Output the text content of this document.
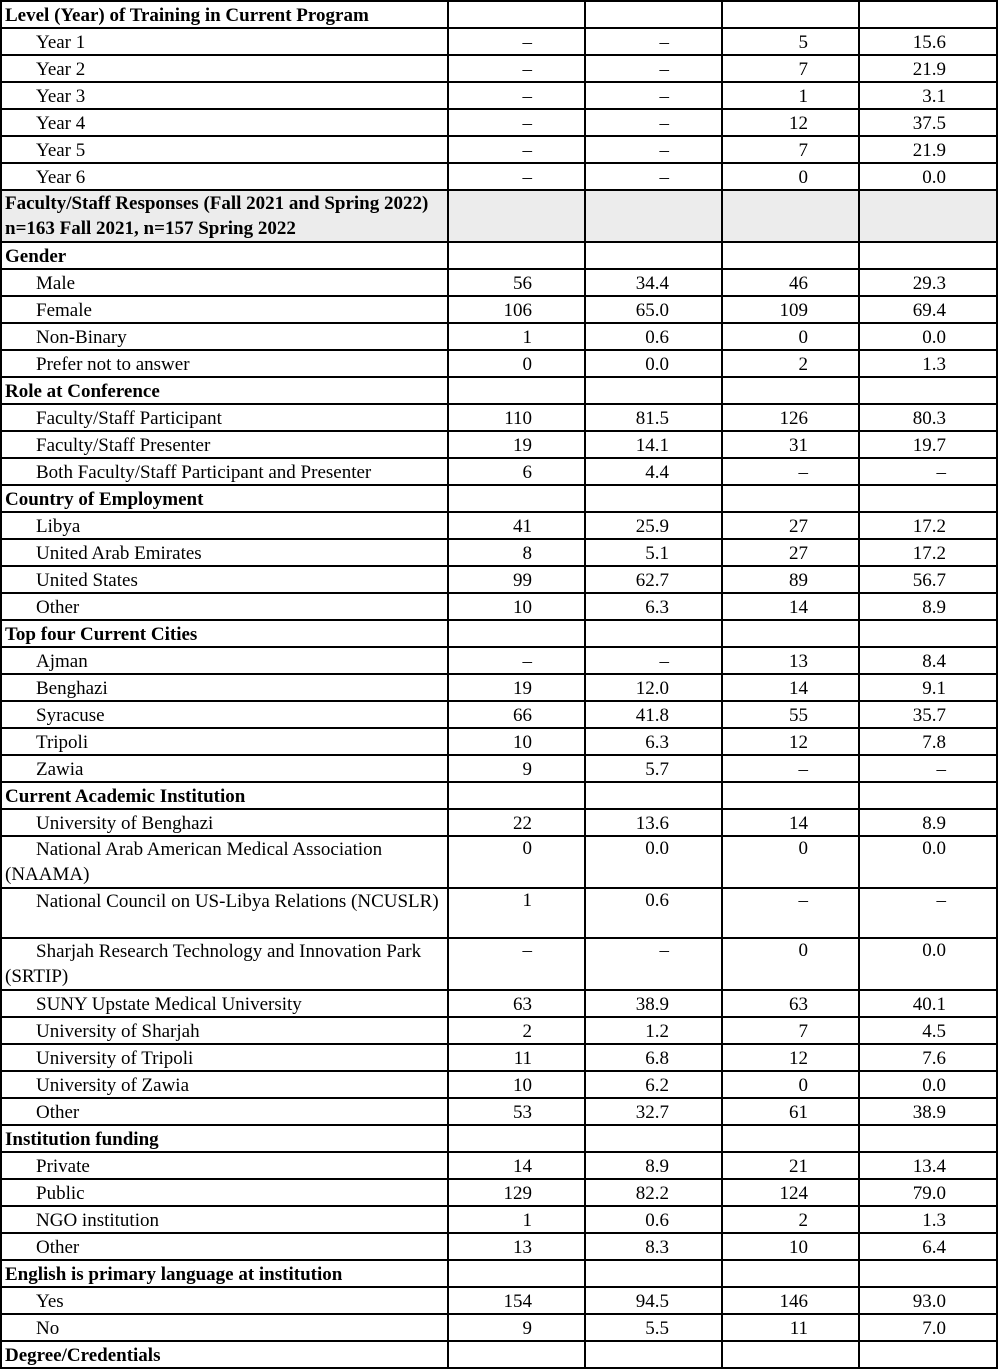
Level (Year) of Training in Current Program				
Year 1	–	–	5	15.6
Year 2	–	–	7	21.9
Year 3	–	–	1	3.1
Year 4	–	–	12	37.5
Year 5	–	–	7	21.9
Year 6	–	–	0	0.0
Faculty/Staff Responses (Fall 2021 and Spring 2022) n=163 Fall 2021, n=157 Spring 2022				
Gender				
Male	56	34.4	46	29.3
Female	106	65.0	109	69.4
Non-Binary	1	0.6	0	0.0
Prefer not to answer	0	0.0	2	1.3
Role at Conference				
Faculty/Staff Participant	110	81.5	126	80.3
Faculty/Staff Presenter	19	14.1	31	19.7
Both Faculty/Staff Participant and Presenter	6	4.4	–	–
Country of Employment				
Libya	41	25.9	27	17.2
United Arab Emirates	8	5.1	27	17.2
United States	99	62.7	89	56.7
Other	10	6.3	14	8.9
Top four Current Cities				
Ajman	–	–	13	8.4
Benghazi	19	12.0	14	9.1
Syracuse	66	41.8	55	35.7
Tripoli	10	6.3	12	7.8
Zawia	9	5.7	–	–
Current Academic Institution				
University of Benghazi	22	13.6	14	8.9
National Arab American Medical Association (NAAMA)	0	0.0	0	0.0
National Council on US-Libya Relations (NCUSLR)	1	0.6	–	–
Sharjah Research Technology and Innovation Park (SRTIP)	–	–	0	0.0
SUNY Upstate Medical University	63	38.9	63	40.1
University of Sharjah	2	1.2	7	4.5
University of Tripoli	11	6.8	12	7.6
University of Zawia	10	6.2	0	0.0
Other	53	32.7	61	38.9
Institution funding				
Private	14	8.9	21	13.4
Public	129	82.2	124	79.0
NGO institution	1	0.6	2	1.3
Other	13	8.3	10	6.4
English is primary language at institution				
Yes	154	94.5	146	93.0
No	9	5.5	11	7.0
Degree/Credentials				
